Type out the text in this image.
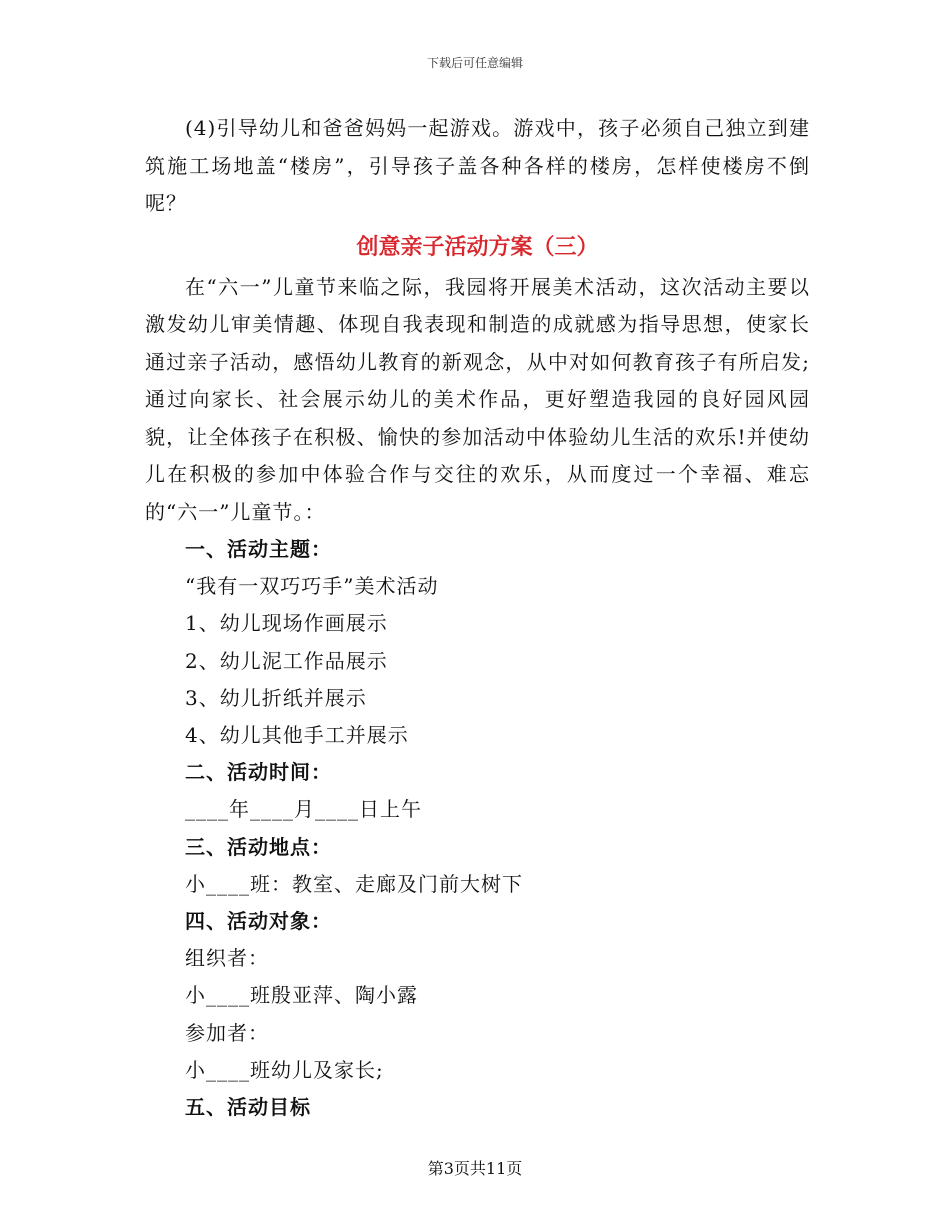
下载后可任意编辑

(4)引导幼儿和爸爸妈妈一起游戏。游戏中，孩子必须自己独立到建筑施工场地盖“楼房”，引导孩子盖各种各样的楼房，怎样使楼房不倒呢？

创意亲子活动方案（三）

在“六一”儿童节来临之际，我园将开展美术活动，这次活动主要以激发幼儿审美情趣、体现自我表现和制造的成就感为指导思想，使家长通过亲子活动，感悟幼儿教育的新观念，从中对如何教育孩子有所启发;通过向家长、社会展示幼儿的美术作品，更好塑造我园的良好园风园貌，让全体孩子在积极、愉快的参加活动中体验幼儿生活的欢乐!并使幼儿在积极的参加中体验合作与交往的欢乐，从而度过一个幸福、难忘的“六一”儿童节。：

一、活动主题：

“我有一双巧巧手”美术活动

1、幼儿现场作画展示

2、幼儿泥工作品展示

3、幼儿折纸并展示

4、幼儿其他手工并展示

二、活动时间：

____年____月____日上午

三、活动地点：

小____班：教室、走廊及门前大树下

四、活动对象：

组织者：

小____班殷亚萍、陶小露

参加者：

小____班幼儿及家长;

五、活动目标

第3页共11页
